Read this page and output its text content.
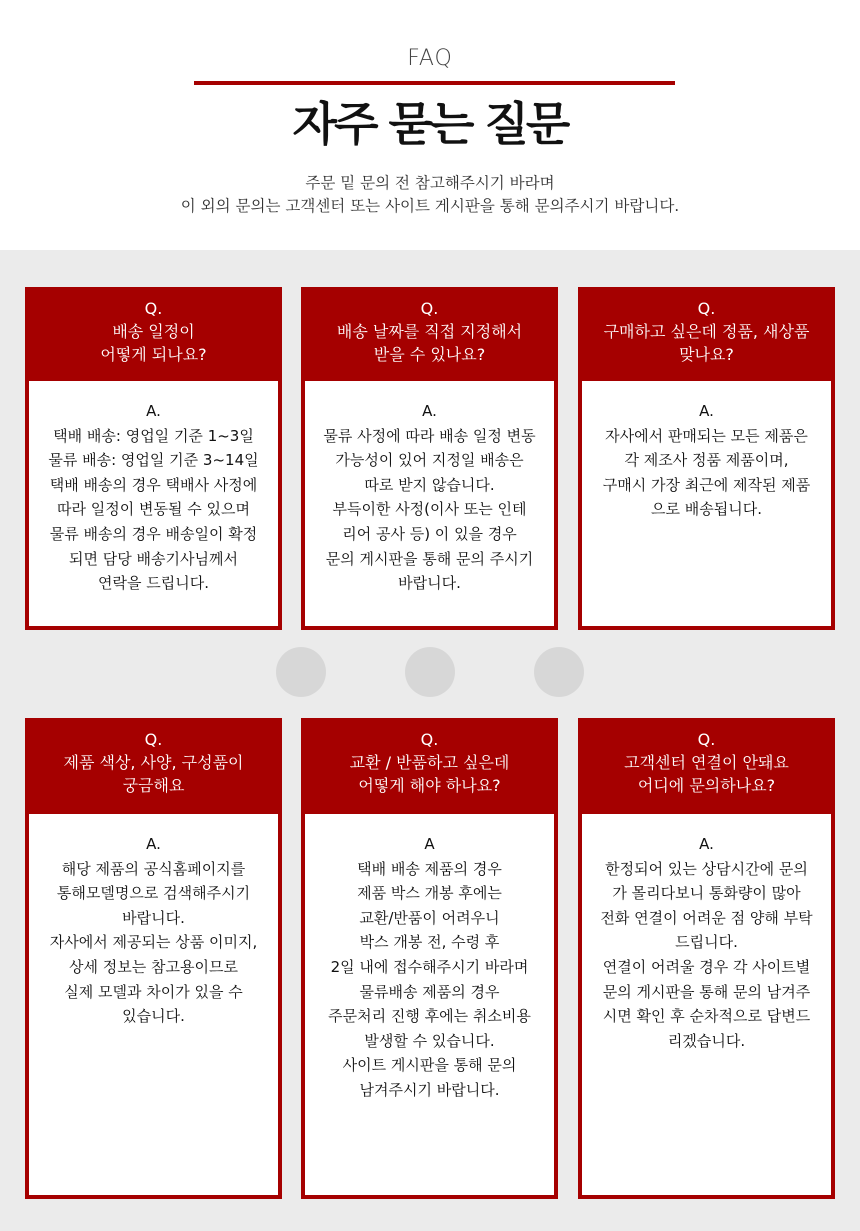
FAQ
자주 묻는 질문
주문 밑 문의 전 참고해주시기 바라며
이 외의 문의는 고객센터 또는 사이트 게시판을 통해 문의주시기 바랍니다.
Q.
배송 일정이
어떻게 되나요?
A.
택배 배송: 영업일 기준 1~3일
물류 배송: 영업일 기준 3~14일
택배 배송의 경우 택배사 사정에
따라 일정이 변동될 수 있으며
물류 배송의 경우 배송일이 확정
되면 담당 배송기사님께서
연락을 드립니다.
Q.
배송 날짜를 직접 지정해서
받을 수 있나요?
A.
물류 사정에 따라 배송 일정 변동
가능성이 있어 지정일 배송은
따로 받지 않습니다.
부득이한 사정(이사 또는 인테
리어 공사 등) 이 있을 경우
문의 게시판을 통해 문의 주시기
바랍니다.
Q.
구매하고 싶은데 정품, 새상품
맞나요?
A.
자사에서 판매되는 모든 제품은
각 제조사 정품 제품이며,
구매시 가장 최근에 제작된 제품
으로 배송됩니다.
Q.
제품 색상, 사양, 구성품이
궁금해요
A.
해당 제품의 공식홈페이지를
통해모델명으로 검색해주시기
바랍니다.
자사에서 제공되는 상품 이미지,
상세 정보는 참고용이므로
실제 모델과 차이가 있을 수
있습니다.
Q.
교환 / 반품하고 싶은데
어떻게 해야 하나요?
A
택배 배송 제품의 경우
제품 박스 개봉 후에는
교환/반품이 어려우니
박스 개봉 전, 수령 후
2일 내에 접수해주시기 바라며
물류배송 제품의 경우
주문처리 진행 후에는 취소비용
발생할 수 있습니다.
사이트 게시판을 통해 문의
남겨주시기 바랍니다.
Q.
고객센터 연결이 안돼요
어디에 문의하나요?
A.
한정되어 있는 상담시간에 문의
가 몰리다보니 통화량이 많아
전화 연결이 어려운 점 양해 부탁
드립니다.
연결이 어려울 경우 각 사이트별
문의 게시판을 통해 문의 남겨주
시면 확인 후 순차적으로 답변드
리겠습니다.
